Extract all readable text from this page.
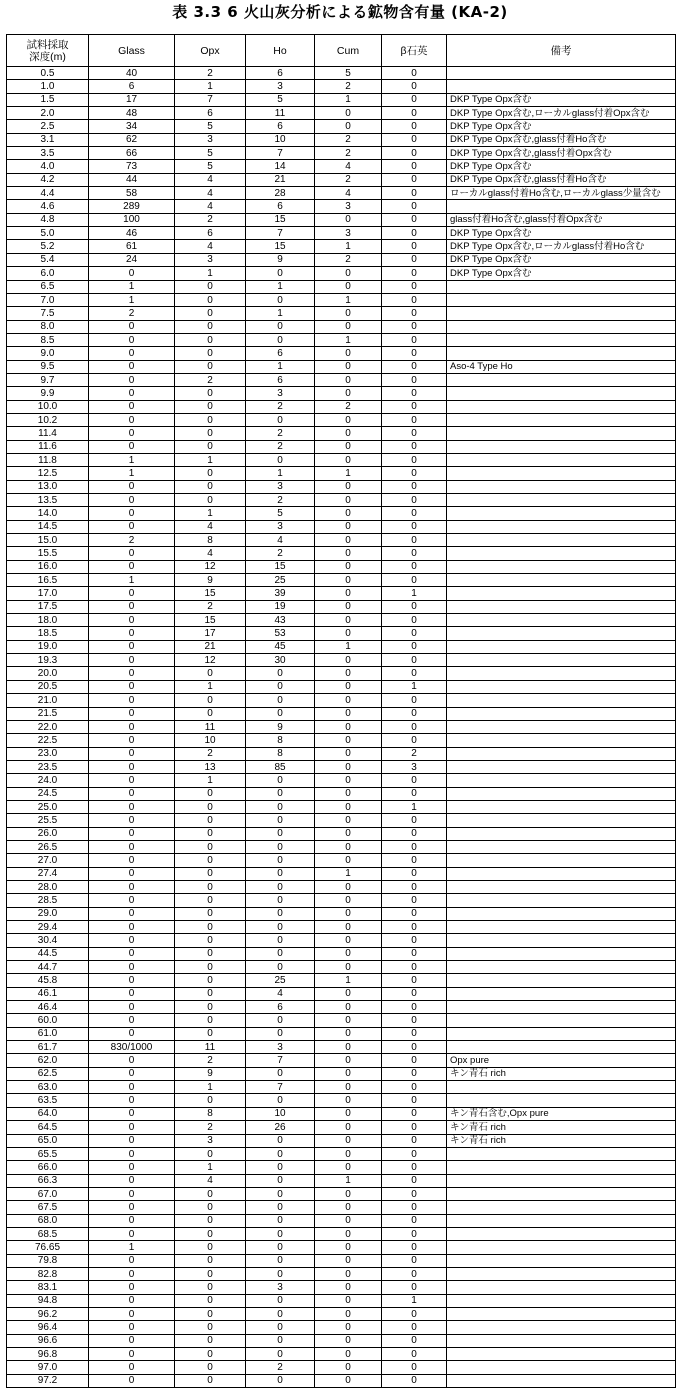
表 3.3 6 火山灰分析による鉱物含有量 (KA-2)
試料採取
深度(m)	Glass	Opx	Ho	Cum	β石英	備考
0.5	40	2	6	5	0	
1.0	6	1	3	2	0	
1.5	17	7	5	1	0	DKP Type Opx含む
2.0	48	6	11	0	0	DKP Type Opx含む,ローカルglass付着Opx含む
2.5	34	5	6	0	0	DKP Type Opx含む
3.1	62	3	10	2	0	DKP Type Opx含む,glass付着Ho含む
3.5	66	5	7	2	0	DKP Type Opx含む,glass付着Opx含む
4.0	73	5	14	4	0	DKP Type Opx含む
4.2	44	4	21	2	0	DKP Type Opx含む,glass付着Ho含む
4.4	58	4	28	4	0	ローカルglass付着Ho含む,ローカルglass少量含む
4.6	289	4	6	3	0	
4.8	100	2	15	0	0	glass付着Ho含む,glass付着Opx含む
5.0	46	6	7	3	0	DKP Type Opx含む
5.2	61	4	15	1	0	DKP Type Opx含む,ローカルglass付着Ho含む
5.4	24	3	9	2	0	DKP Type Opx含む
6.0	0	1	0	0	0	DKP Type Opx含む
6.5	1	0	1	0	0	
7.0	1	0	0	1	0	
7.5	2	0	1	0	0	
8.0	0	0	0	0	0	
8.5	0	0	0	1	0	
9.0	0	0	6	0	0	
9.5	0	0	1	0	0	Aso-4 Type Ho
9.7	0	2	6	0	0	
9.9	0	0	3	0	0	
10.0	0	0	2	2	0	
10.2	0	0	0	0	0	
11.4	0	0	2	0	0	
11.6	0	0	2	0	0	
11.8	1	1	0	0	0	
12.5	1	0	1	1	0	
13.0	0	0	3	0	0	
13.5	0	0	2	0	0	
14.0	0	1	5	0	0	
14.5	0	4	3	0	0	
15.0	2	8	4	0	0	
15.5	0	4	2	0	0	
16.0	0	12	15	0	0	
16.5	1	9	25	0	0	
17.0	0	15	39	0	1	
17.5	0	2	19	0	0	
18.0	0	15	43	0	0	
18.5	0	17	53	0	0	
19.0	0	21	45	1	0	
19.3	0	12	30	0	0	
20.0	0	0	0	0	0	
20.5	0	1	0	0	1	
21.0	0	0	0	0	0	
21.5	0	0	0	0	0	
22.0	0	11	9	0	0	
22.5	0	10	8	0	0	
23.0	0	2	8	0	2	
23.5	0	13	85	0	3	
24.0	0	1	0	0	0	
24.5	0	0	0	0	0	
25.0	0	0	0	0	1	
25.5	0	0	0	0	0	
26.0	0	0	0	0	0	
26.5	0	0	0	0	0	
27.0	0	0	0	0	0	
27.4	0	0	0	1	0	
28.0	0	0	0	0	0	
28.5	0	0	0	0	0	
29.0	0	0	0	0	0	
29.4	0	0	0	0	0	
30.4	0	0	0	0	0	
44.5	0	0	0	0	0	
44.7	0	0	0	0	0	
45.8	0	0	25	1	0	
46.1	0	0	4	0	0	
46.4	0	0	6	0	0	
60.0	0	0	0	0	0	
61.0	0	0	0	0	0	
61.7	830/1000	11	3	0	0	
62.0	0	2	7	0	0	Opx pure
62.5	0	9	0	0	0	キン青石 rich
63.0	0	1	7	0	0	
63.5	0	0	0	0	0	
64.0	0	8	10	0	0	キン青石含む,Opx pure
64.5	0	2	26	0	0	キン青石 rich
65.0	0	3	0	0	0	キン青石 rich
65.5	0	0	0	0	0	
66.0	0	1	0	0	0	
66.3	0	4	0	1	0	
67.0	0	0	0	0	0	
67.5	0	0	0	0	0	
68.0	0	0	0	0	0	
68.5	0	0	0	0	0	
76.65	1	0	0	0	0	
79.8	0	0	0	0	0	
82.8	0	0	0	0	0	
83.1	0	0	3	0	0	
94.8	0	0	0	0	1	
96.2	0	0	0	0	0	
96.4	0	0	0	0	0	
96.6	0	0	0	0	0	
96.8	0	0	0	0	0	
97.0	0	0	2	0	0	
97.2	0	0	0	0	0	
